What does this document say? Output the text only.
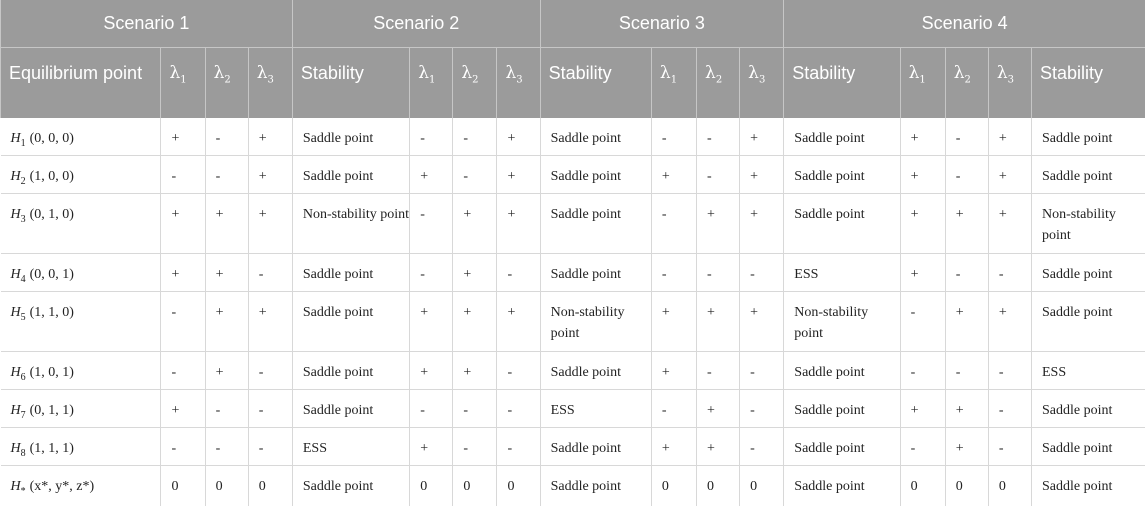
Scenario 1				Scenario 2				Scenario 3				Scenario 4				
Equilibrium point	$\lambda_1$	$\lambda_2$	$\lambda_3$	Stability	$\lambda_1$	$\lambda_2$	$\lambda_3$	Stability	$\lambda_1$	$\lambda_2$	$\lambda_3$	Stability	$\lambda_1$	$\lambda_2$	$\lambda_3$	Stability
$H_1$ (0, 0, 0)	+	-	+	Saddle point	-	-	+	Saddle point	-	-	+	Saddle point	+	-	+	Saddle point
$H_2$ (1, 0, 0)	-	-	+	Saddle point	+	-	+	Saddle point	+	-	+	Saddle point	+	-	+	Saddle point
$H_3$ (0, 1, 0)	+	+	+	Non-stability point	-	+	+	Saddle point	-	+	+	Saddle point	+	+	+	Non-stability point
$H_4$ (0, 0, 1)	+	+	-	Saddle point	-	+	-	Saddle point	-	-	-	ESS	+	-	-	Saddle point
$H_5$ (1, 1, 0)	-	+	+	Saddle point	+	+	+	Non-stability point	+	+	+	Non-stability point	-	+	+	Saddle point
$H_6$ (1, 0, 1)	-	+	-	Saddle point	+	+	-	Saddle point	+	-	-	Saddle point	-	-	-	ESS
$H_7$ (0, 1, 1)	+	-	-	Saddle point	-	-	-	ESS	-	+	-	Saddle point	+	+	-	Saddle point
$H_8$ (1, 1, 1)	-	-	-	ESS	+	-	-	Saddle point	+	+	-	Saddle point	-	+	-	Saddle point
$H_*$ (x*, y*, z*)	0	0	0	Saddle point	0	0	0	Saddle point	0	0	0	Saddle point	0	0	0	Saddle point
